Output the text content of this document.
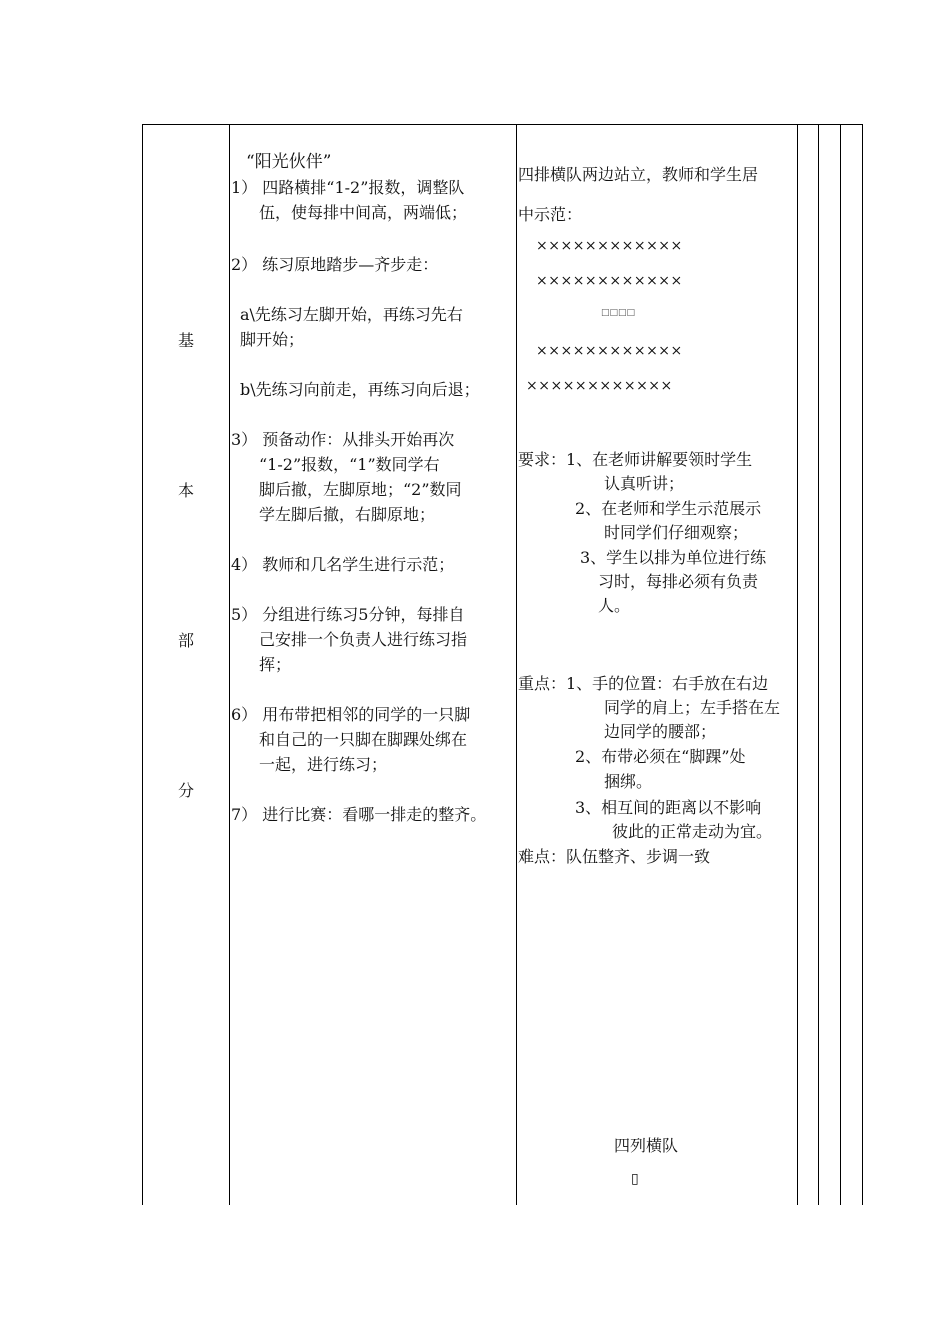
基
本
部
分
“阳光伙伴”
1） 四路横排“1-2”报数，调整队
伍，使每排中间高，两端低；
2） 练习原地踏步—齐步走：
a\先练习左脚开始，再练习先右
脚开始；
b\先练习向前走，再练习向后退；
3） 预备动作：从排头开始再次
“1-2”报数，“1”数同学右
脚后撤，左脚原地；“2”数同
学左脚后撤，右脚原地；
4） 教师和几名学生进行示范；
5） 分组进行练习5分钟，每排自
己安排一个负责人进行练习指
挥；
6） 用布带把相邻的同学的一只脚
和自己的一只脚在脚踝处绑在
一起，进行练习；
7） 进行比赛：看哪一排走的整齐。
四排横队两边站立，教师和学生居
中示范：
××××××××××××
××××××××××××
□□□□
××××××××××××
××××××××××××
要求：1、在老师讲解要领时学生
认真听讲；
2、在老师和学生示范展示
时同学们仔细观察；
3、学生以排为单位进行练
习时，每排必须有负责
人。
重点：1、手的位置：右手放在右边
同学的肩上；左手搭在左
边同学的腰部；
2、布带必须在“脚踝”处
捆绑。
3、相互间的距离以不影响
彼此的正常走动为宜。
难点：队伍整齐、步调一致
四列横队
▯
